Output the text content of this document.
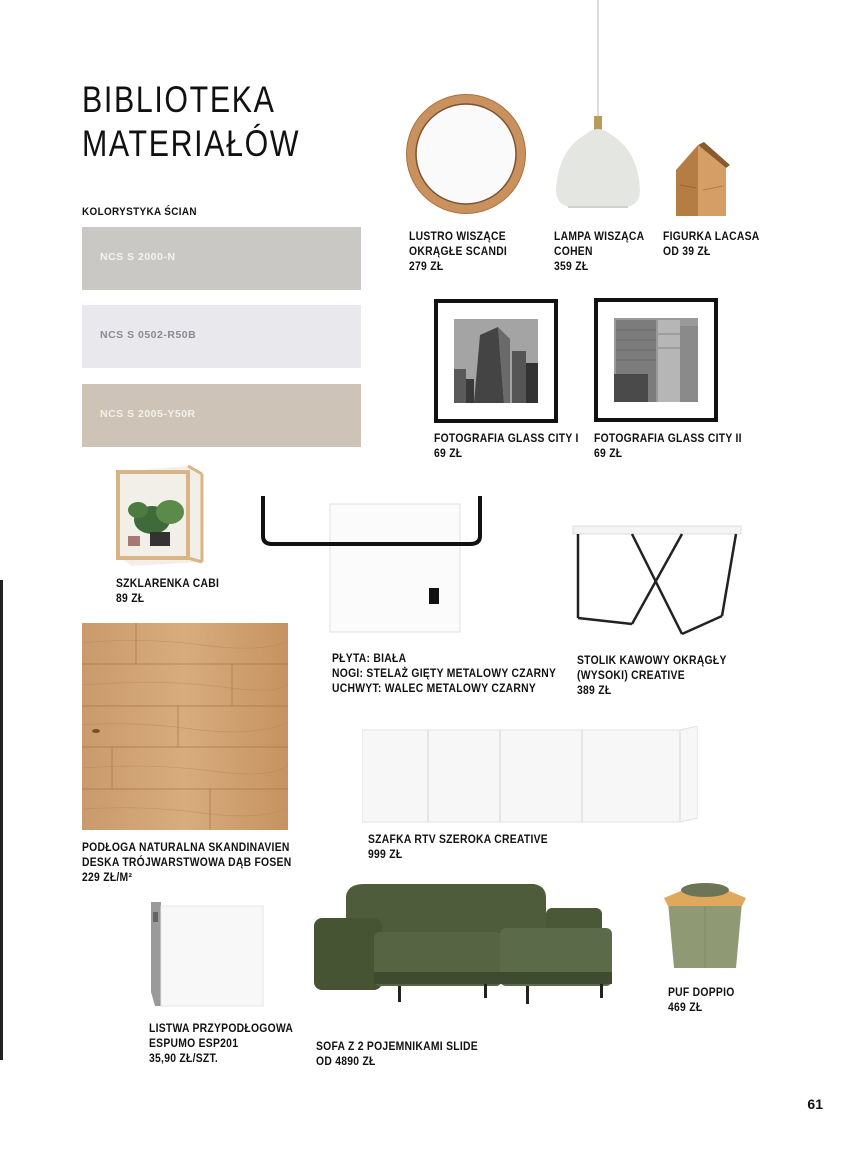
BIBLIOTEKA
MATERIAŁÓW
KOLORYSTYKA ŚCIAN
NCS S 2000-N
NCS S 0502-R50B
NCS S 2005-Y50R
LUSTRO WISZĄCE
OKRĄGŁE SCANDI
279 ZŁ
LAMPA WISZĄCA
COHEN
359 ZŁ
FIGURKA LACASA
OD 39 ZŁ
FOTOGRAFIA GLASS CITY I
69 ZŁ
FOTOGRAFIA GLASS CITY II
69 ZŁ
SZKLARENKA CABI
89 ZŁ
PŁYTA: BIAŁA
NOGI: STELAŻ GIĘTY METALOWY CZARNY
UCHWYT: WALEC METALOWY CZARNY
STOLIK KAWOWY OKRĄGŁY
(WYSOKI) CREATIVE
389 ZŁ
PODŁOGA NATURALNA SKANDINAVIEN
DESKA TRÓJWARSTWOWA DĄB FOSEN
229 ZŁ/M²
SZAFKA RTV SZEROKA CREATIVE
999 ZŁ
LISTWA PRZYPODŁOGOWA
ESPUMO ESP201
35,90 ZŁ/SZT.
SOFA Z 2 POJEMNIKAMI SLIDE
OD 4890 ZŁ
PUF DOPPIO
469 ZŁ
61
